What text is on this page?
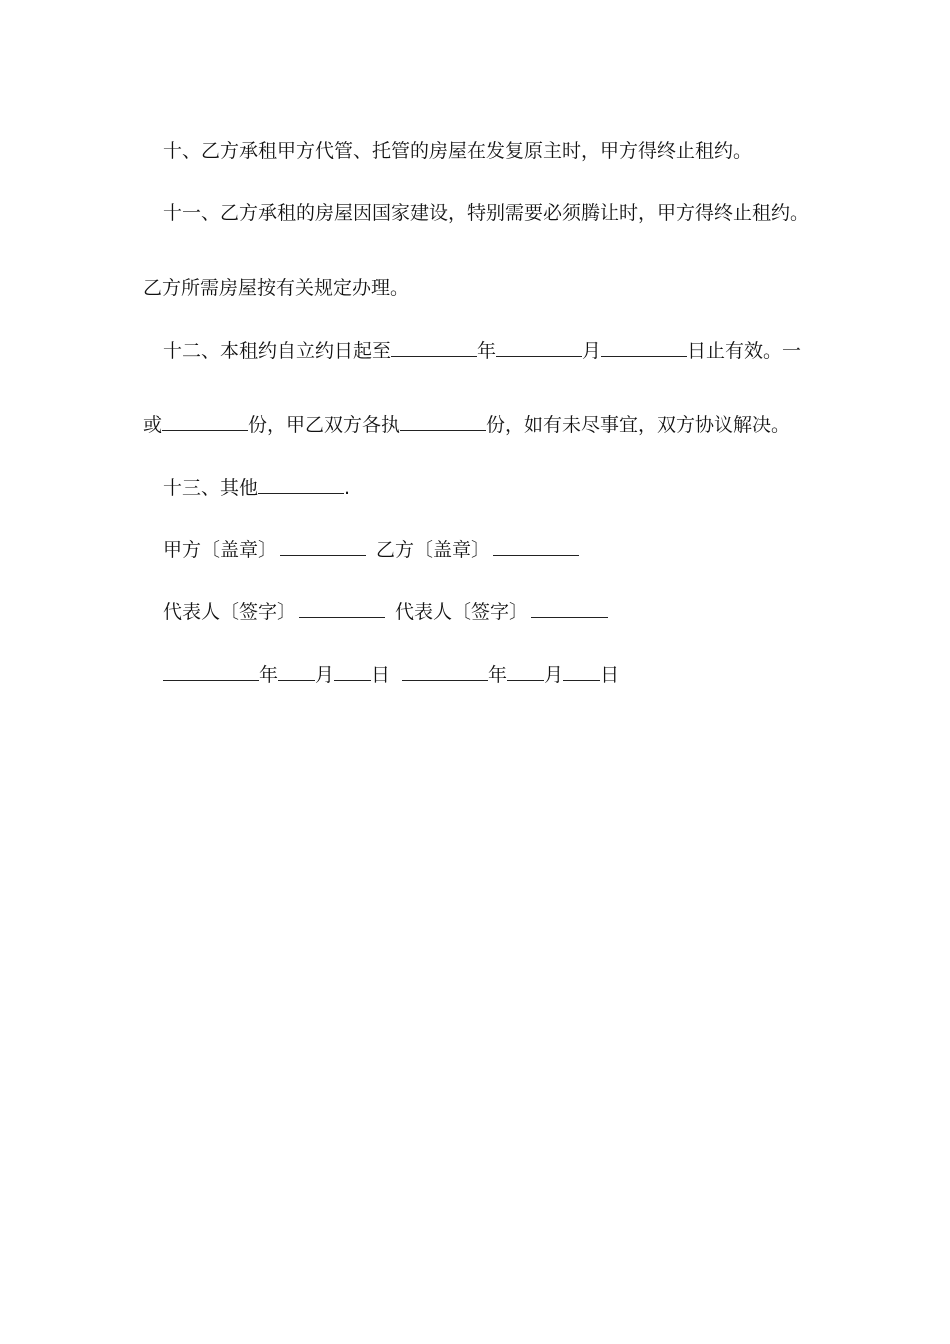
十、乙方承租甲方代管、托管的房屋在发复原主时，甲方得终止租约。
十一、乙方承租的房屋因国家建设，特别需要必须腾让时，甲方得终止租约。
乙方所需房屋按有关规定办理。
十二、本租约自立约日起至	年	月	日止有效。一
或	份，甲乙双方各执	份，如有未尽事宜，双方协议解决。
十三、其他	.
甲方〔盖章〕	乙方〔盖章〕
代表人〔签字〕	代表人〔签字〕
年 月 日	年 月 日
